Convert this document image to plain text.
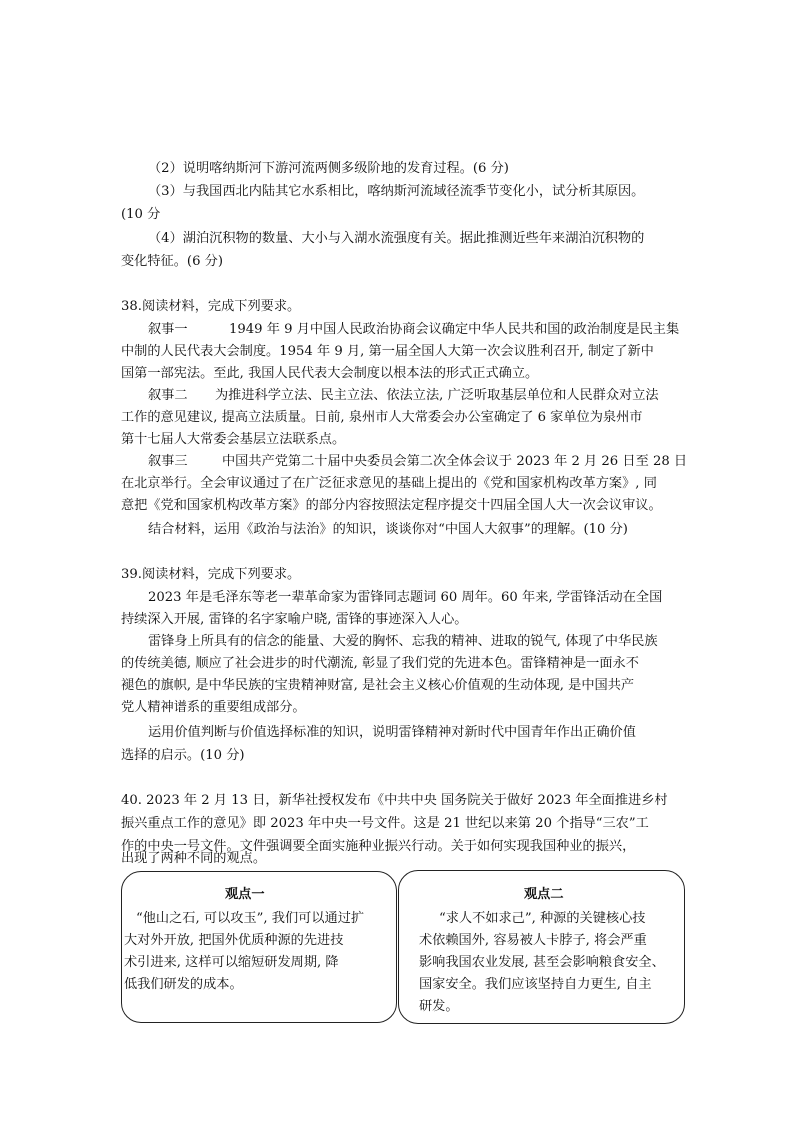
（2）说明喀纳斯河下游河流两侧多级阶地的发育过程。(6 分)
（3）与我国西北内陆其它水系相比，喀纳斯河流域径流季节变化小，试分析其原因。
(10 分
（4）湖泊沉积物的数量、大小与入湖水流强度有关。据此推测近些年来湖泊沉积物的
变化特征。(6 分)
38.阅读材料，完成下列要求。
叙事一	1949 年 9 月中国人民政治协商会议确定中华人民共和国的政治制度是民主集
中制的人民代表大会制度。1954 年 9 月, 第一届全国人大第一次会议胜利召开, 制定了新中
国第一部宪法。至此, 我国人民代表大会制度以根本法的形式正式确立。
叙事二 为推进科学立法、民主立法、依法立法, 广泛听取基层单位和人民群众对立法
工作的意见建议, 提高立法质量。日前, 泉州市人大常委会办公室确定了 6 家单位为泉州市
第十七届人大常委会基层立法联系点。
叙事三	中国共产党第二十届中央委员会第二次全体会议于 2023 年 2 月 26 日至 28 日
在北京举行。全会审议通过了在广泛征求意见的基础上提出的《党和国家机构改革方案》, 同
意把《党和国家机构改革方案》的部分内容按照法定程序提交十四届全国人大一次会议审议。
结合材料，运用《政治与法治》的知识，谈谈你对“中国人大叙事”的理解。(10 分)
39.阅读材料，完成下列要求。
2023 年是毛泽东等老一辈革命家为雷锋同志题词 60 周年。60 年来, 学雷锋活动在全国
持续深入开展, 雷锋的名字家喻户晓, 雷锋的事迹深入人心。
雷锋身上所具有的信念的能量、大爱的胸怀、忘我的精神、进取的锐气, 体现了中华民族
的传统美德, 顺应了社会进步的时代潮流, 彰显了我们党的先进本色。雷锋精神是一面永不
褪色的旗帜, 是中华民族的宝贵精神财富, 是社会主义核心价值观的生动体现, 是中国共产
党人精神谱系的重要组成部分。
运用价值判断与价值选择标准的知识，说明雷锋精神对新时代中国青年作出正确价值
选择的启示。(10 分)
40. 2023 年 2 月 13 日，新华社授权发布《中共中央 国务院关于做好 2023 年全面推进乡村
振兴重点工作的意见》即 2023 年中央一号文件。这是 21 世纪以来第 20 个指导“三农”工
作的中央一号文件。文件强调要全面实施种业振兴行动。关于如何实现我国种业的振兴，
出现了两种不同的观点。
观点一
“他山之石, 可以攻玉”, 我们可以通过扩
大对外开放, 把国外优质种源的先进技
术引进来, 这样可以缩短研发周期, 降
低我们研发的成本。
观点二
“求人不如求己”, 种源的关键核心技
术依赖国外, 容易被人卡脖子, 将会严重
影响我国农业发展, 甚至会影响粮食安全、
国家安全。我们应该坚持自力更生, 自主
研发。
